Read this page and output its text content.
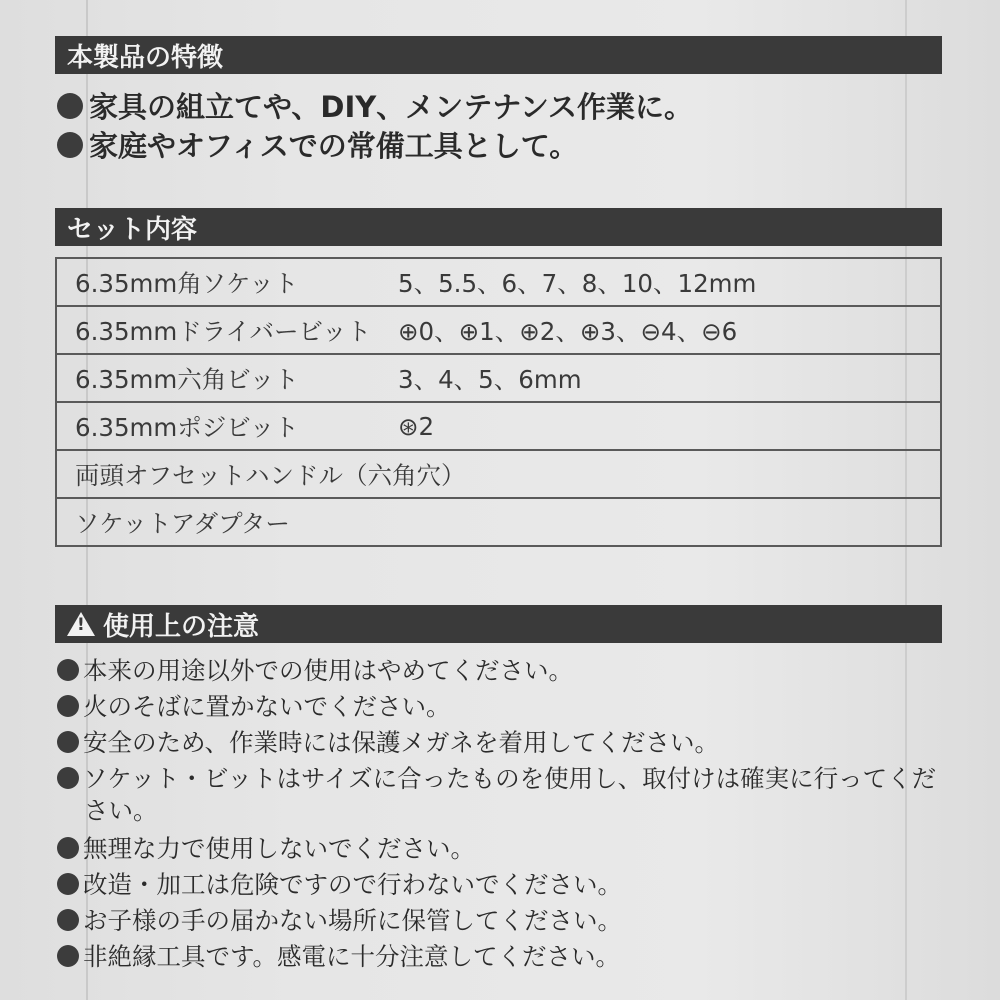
本製品の特徴
家具の組立てや、DIY、メンテナンス作業に。
家庭やオフィスでの常備工具として。
セット内容
6.35mm角ソケット	5、5.5、6、7、8、10、12mm
6.35mmドライバービット	⊕0、⊕1、⊕2、⊕3、⊖4、⊖6
6.35mm六角ビット	3、4、5、6mm
6.35mmポジビット	⊛2
両頭オフセットハンドル（六角穴）	
ソケットアダプター	
!
使用上の注意
本来の用途以外での使用はやめてください。
火のそばに置かないでください。
安全のため、作業時には保護メガネを着用してください。
ソケット・ビットはサイズに合ったものを使用し、取付けは確実に行ってくだ
さい。
無理な力で使用しないでください。
改造・加工は危険ですので行わないでください。
お子様の手の届かない場所に保管してください。
非絶縁工具です。感電に十分注意してください。
